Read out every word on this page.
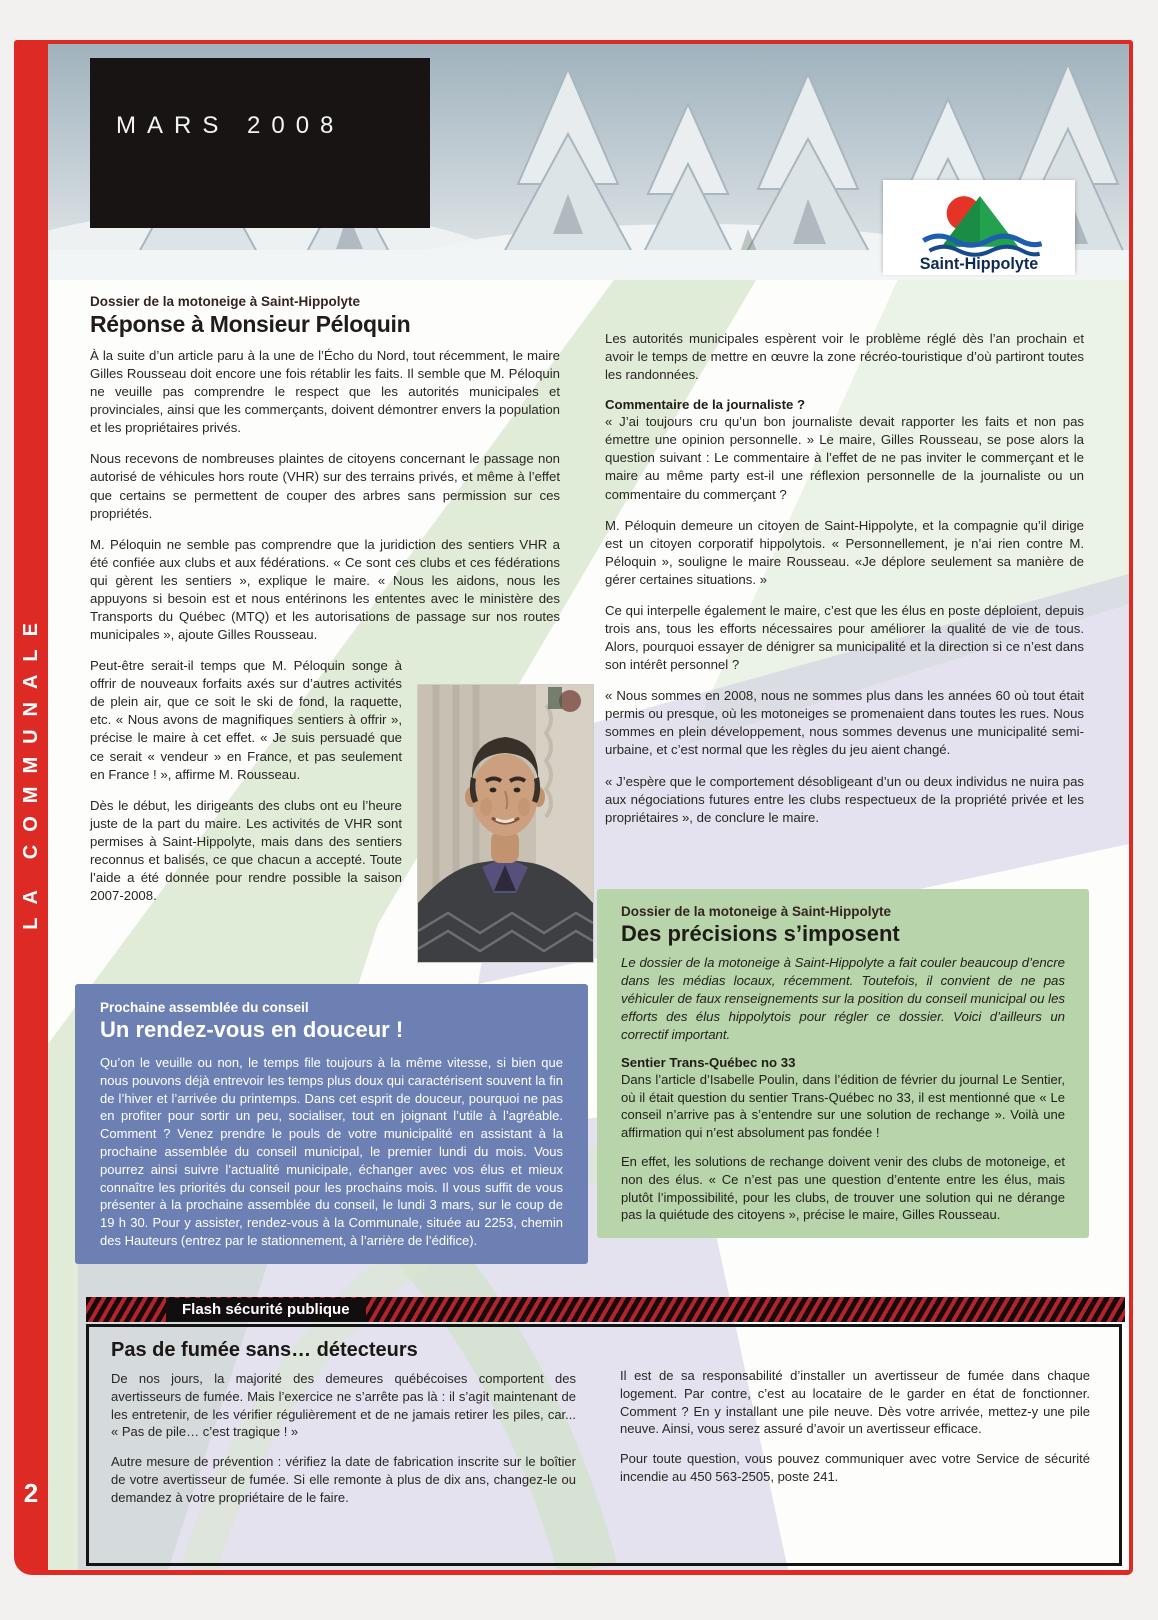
MARS 2008
Saint-Hippolyte
Dossier de la motoneige à Saint-Hippolyte
Réponse à Monsieur Péloquin

À la suite d’un article paru à la une de l’Écho du Nord, tout récemment, le maire Gilles Rousseau doit encore une fois rétablir les faits. Il semble que M. Péloquin ne veuille pas comprendre le respect que les autorités municipales et provinciales, ainsi que les commerçants, doivent démontrer envers la population et les propriétaires privés.

Nous recevons de nombreuses plaintes de citoyens concernant le passage non autorisé de véhicules hors route (VHR) sur des terrains privés, et même à l’effet que certains se permettent de couper des arbres sans permission sur ces propriétés.

M. Péloquin ne semble pas comprendre que la juridiction des sentiers VHR a été confiée aux clubs et aux fédérations. « Ce sont ces clubs et ces fédérations qui gèrent les sentiers », explique le maire. « Nous les aidons, nous les appuyons si besoin est et nous entérinons les ententes avec le ministère des Transports du Québec (MTQ) et les autorisations de passage sur nos routes municipales », ajoute Gilles Rousseau.

Peut-être serait-il temps que M. Péloquin songe à offrir de nouveaux forfaits axés sur d’autres activités de plein air, que ce soit le ski de fond, la raquette, etc. « Nous avons de magnifiques sentiers à offrir », précise le maire à cet effet. « Je suis persuadé que ce serait « vendeur » en France, et pas seulement en France ! », affirme M. Rousseau.

Dès le début, les dirigeants des clubs ont eu l’heure juste de la part du maire. Les activités de VHR sont permises à Saint-Hippolyte, mais dans des sentiers reconnus et balisés, ce que chacun a accepté. Toute l’aide a été donnée pour rendre possible la saison 2007-2008.

Les autorités municipales espèrent voir le problème réglé dès l’an prochain et avoir le temps de mettre en œuvre la zone récréo-touristique d’où partiront toutes les randonnées.

Commentaire de la journaliste ?

« J’ai toujours cru qu’un bon journaliste devait rapporter les faits et non pas émettre une opinion personnelle. » Le maire, Gilles Rousseau, se pose alors la question suivant : Le commentaire à l’effet de ne pas inviter le commerçant et le maire au même party est-il une réflexion personnelle de la journaliste ou un commentaire du commerçant ?

M. Péloquin demeure un citoyen de Saint-Hippolyte, et la compagnie qu’il dirige est un citoyen corporatif hippolytois. « Personnellement, je n’ai rien contre M. Péloquin », souligne le maire Rousseau. «Je déplore seulement sa manière de gérer certaines situations. »

Ce qui interpelle également le maire, c’est que les élus en poste déploient, depuis trois ans, tous les efforts nécessaires pour améliorer la qualité de vie de tous. Alors, pourquoi essayer de dénigrer sa municipalité et la direction si ce n’est dans son intérêt personnel ?

« Nous sommes en 2008, nous ne sommes plus dans les années 60 où tout était permis ou presque, où les motoneiges se promenaient dans toutes les rues. Nous sommes en plein développement, nous sommes devenus une municipalité semi-urbaine, et c’est normal que les règles du jeu aient changé.

« J’espère que le comportement désobligeant d’un ou deux individus ne nuira pas aux négociations futures entre les clubs respectueux de la propriété privée et les propriétaires », de conclure le maire.

Prochaine assemblée du conseil
Un rendez-vous en douceur !

Qu’on le veuille ou non, le temps file toujours à la même vitesse, si bien que nous pouvons déjà entrevoir les temps plus doux qui caractérisent souvent la fin de l’hiver et l’arrivée du printemps. Dans cet esprit de douceur, pourquoi ne pas en profiter pour sortir un peu, socialiser, tout en joignant l’utile à l’agréable. Comment ? Venez prendre le pouls de votre municipalité en assistant à la prochaine assemblée du conseil municipal, le premier lundi du mois. Vous pourrez ainsi suivre l’actualité municipale, échanger avec vos élus et mieux connaître les priorités du conseil pour les prochains mois. Il vous suffit de vous présenter à la prochaine assemblée du conseil, le lundi 3 mars, sur le coup de 19 h 30. Pour y assister, rendez-vous à la Communale, située au 2253, chemin des Hauteurs (entrez par le stationnement, à l’arrière de l’édifice).

Dossier de la motoneige à Saint-Hippolyte
Des précisions s’imposent

Le dossier de la motoneige à Saint-Hippolyte a fait couler beaucoup d’encre dans les médias locaux, récemment. Toutefois, il convient de ne pas véhiculer de faux renseignements sur la position du conseil municipal ou les efforts des élus hippolytois pour régler ce dossier. Voici d’ailleurs un correctif important.

Sentier Trans-Québec no 33

Dans l’article d’Isabelle Poulin, dans l’édition de février du journal Le Sentier, où il était question du sentier Trans-Québec no 33, il est mentionné que « Le conseil n’arrive pas à s’entendre sur une solution de rechange ». Voilà une affirmation qui n’est absolument pas fondée !

En effet, les solutions de rechange doivent venir des clubs de motoneige, et non des élus. « Ce n’est pas une question d’entente entre les élus, mais plutôt l’impossibilité, pour les clubs, de trouver une solution qui ne dérange pas la quiétude des citoyens », précise le maire, Gilles Rousseau.

Flash sécurité publique
Pas de fumée sans… détecteurs

De nos jours, la majorité des demeures québécoises comportent des avertisseurs de fumée. Mais l’exercice ne s’arrête pas là : il s’agit maintenant de les entretenir, de les vérifier régulièrement et de ne jamais retirer les piles, car... « Pas de pile… c’est tragique ! »

Autre mesure de prévention : vérifiez la date de fabrication inscrite sur le boîtier de votre avertisseur de fumée. Si elle remonte à plus de dix ans, changez-le ou demandez à votre propriétaire de le faire.

Il est de sa responsabilité d’installer un avertisseur de fumée dans chaque logement. Par contre, c’est au locataire de le garder en état de fonctionner. Comment ? En y installant une pile neuve. Dès votre arrivée, mettez-y une pile neuve. Ainsi, vous serez assuré d’avoir un avertisseur efficace.

Pour toute question, vous pouvez communiquer avec votre Service de sécurité incendie au 450 563-2505, poste 241.

LA COMMUNALE
2
